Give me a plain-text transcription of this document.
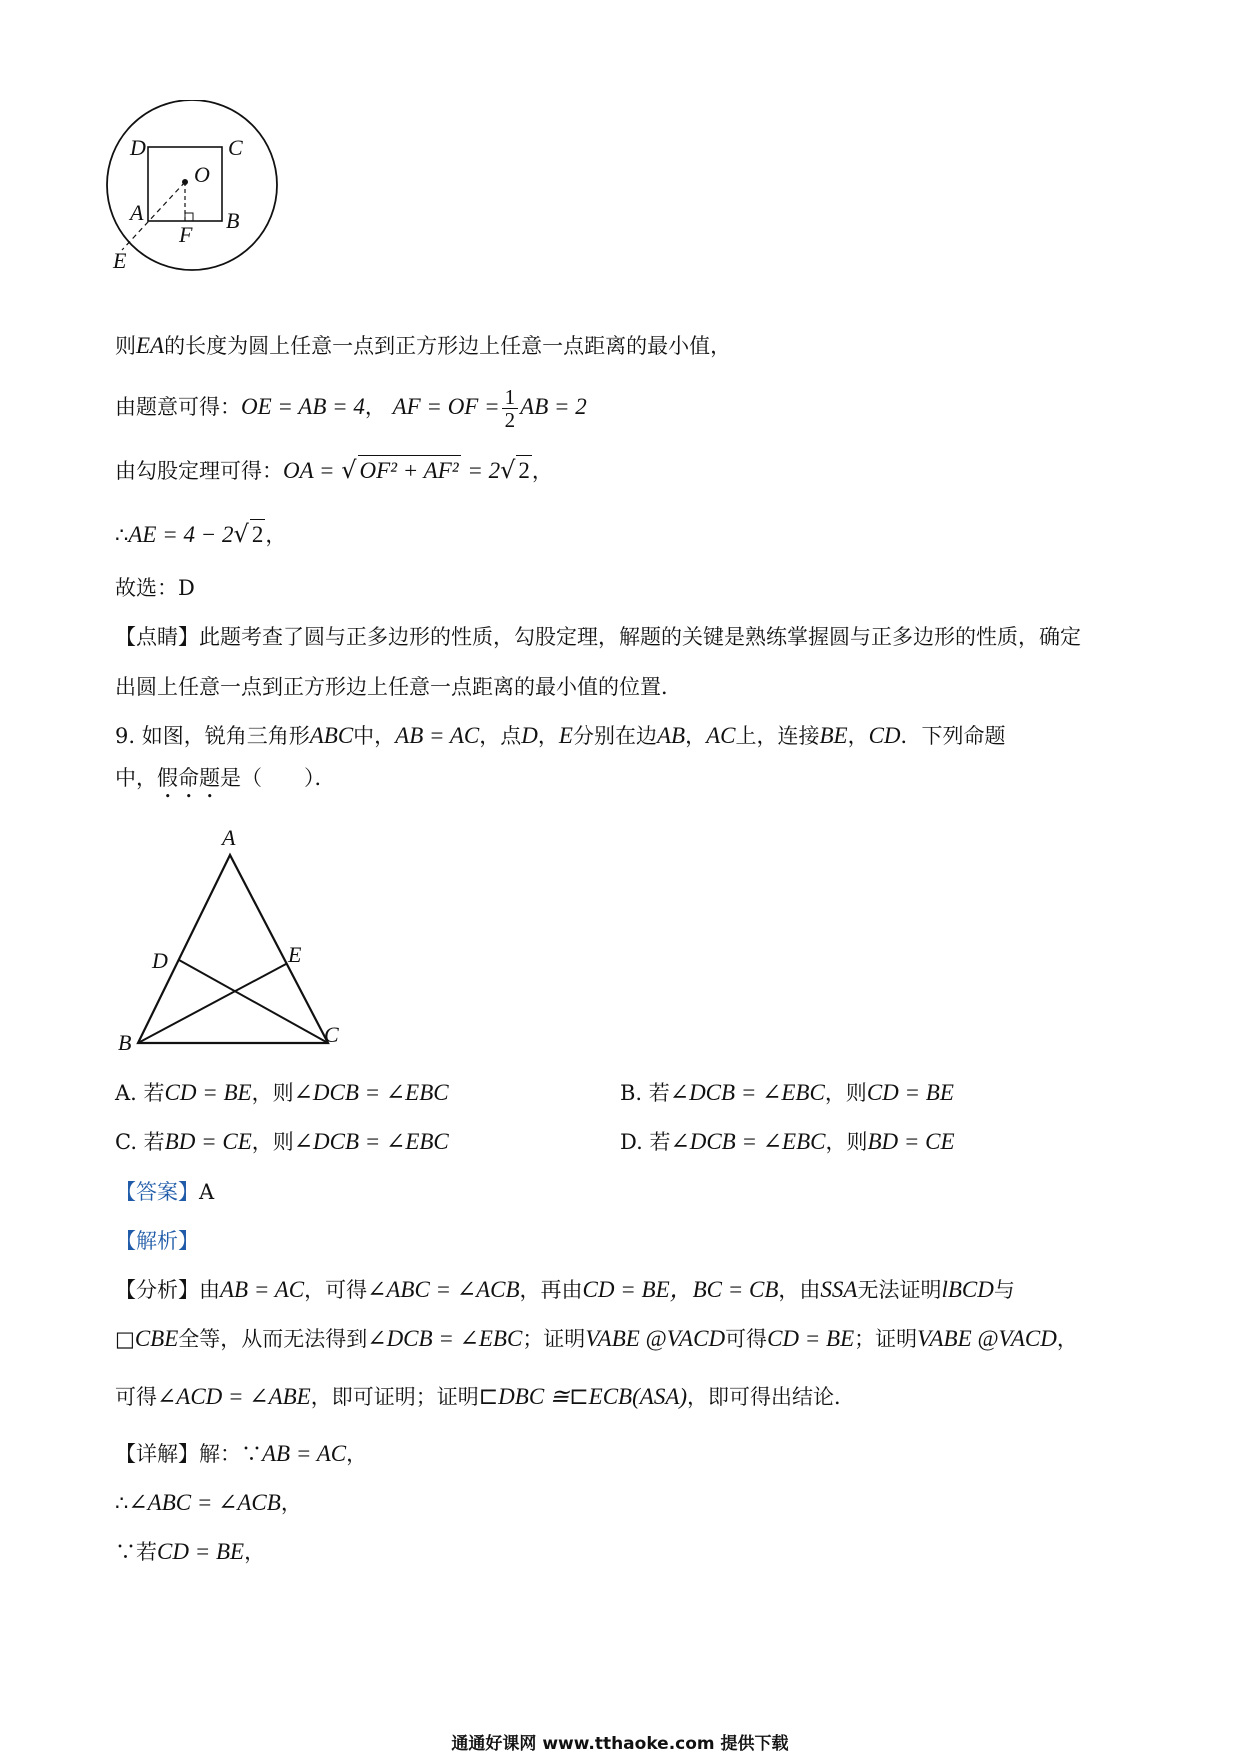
D	C
O
A
F
B
E
则EA的长度为圆上任意一点到正方形边上任意一点距离的最小值，
由题意可得：OE = AB = 4， AF = OF = $\frac{1}{2}$ AB = 2
由勾股定理可得：OA = √ OF² + AF² = 2√ 2，
∴AE = 4 − 2√ 2，
故选：D
【点睛】此题考查了圆与正多边形的性质，勾股定理，解题的关键是熟练掌握圆与正多边形的性质，确定
出圆上任意一点到正方形边上任意一点距离的最小值的位置．
9. 如图，锐角三角形ABC中，AB = AC，点D，E分别在边AB，AC上，连接BE，CD．下列命题
中，假命题是（　　）．
A
D	E
B	C
A. 若CD = BE，则∠DCB = ∠EBC	B. 若∠DCB = ∠EBC，则CD = BE
C. 若BD = CE，则∠DCB = ∠EBC	D. 若∠DCB = ∠EBC，则BD = CE
【答案】A
【解析】
【分析】由AB = AC，可得∠ABC = ∠ACB，再由CD = BE，BC = CB，由SSA无法证明lBCD与
□CBE全等，从而无法得到∠DCB = ∠EBC；证明VABE @VACD可得CD = BE；证明VABE @VACD，
可得∠ACD = ∠ABE，即可证明；证明⊏DBC ≅⊏ECB(ASA)，即可得出结论．
【详解】解：∵AB = AC，
∴∠ABC = ∠ACB，
∵若CD = BE，
通通好课网 www.tthaoke.com 提供下载
